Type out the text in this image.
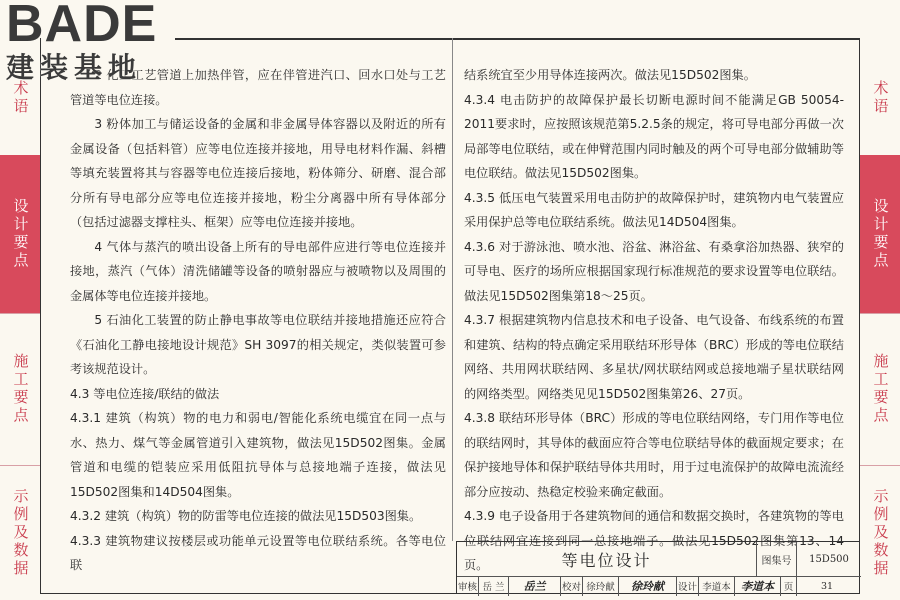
术语
设计要点
施工要点
示例及数据
术语
设计要点
施工要点
示例及数据

2 化工工艺管道上加热伴管，应在伴管进汽口、回水口处与工艺管道等电位连接。

3 粉体加工与储运设备的金属和非金属导体容器以及附近的所有金属设备（包括料管）应等电位连接并接地，用导电材料作漏、斜槽等填充装置将其与容器等电位连接后接地，粉体筛分、研磨、混合部分所有导电部分应等电位连接并接地，粉尘分离器中所有导体部分（包括过滤器支撑柱头、框架）应等电位连接并接地。

4 气体与蒸汽的喷出设备上所有的导电部件应进行等电位连接并接地，蒸汽（气体）清洗储罐等设备的喷射器应与被喷物以及周围的金属体等电位连接并接地。

5 石油化工装置的防止静电事故等电位联结并接地措施还应符合《石油化工静电接地设计规范》SH 3097的相关规定，类似装置可参考该规范设计。

4.3 等电位连接/联结的做法

4.3.1 建筑（构筑）物的电力和弱电/智能化系统电缆宜在同一点与水、热力、煤气等金属管道引入建筑物，做法见15D502图集。金属管道和电缆的铠装应采用低阻抗导体与总接地端子连接，做法见15D502图集和14D504图集。

4.3.2 建筑（构筑）物的防雷等电位连接的做法见15D503图集。

4.3.3 建筑物建议按楼层或功能单元设置等电位联结系统。各等电位联

结系统宜至少用导体连接两次。做法见15D502图集。

4.3.4 电击防护的故障保护最长切断电源时间不能满足GB 50054-2011要求时，应按照该规范第5.2.5条的规定，将可导电部分再做一次局部等电位联结，或在伸臂范围内同时触及的两个可导电部分做辅助等电位联结。做法见15D502图集。

4.3.5 低压电气装置采用电击防护的故障保护时，建筑物内电气装置应采用保护总等电位联结系统。做法见14D504图集。

4.3.6 对于游泳池、喷水池、浴盆、淋浴盆、有桑拿浴加热器、狭窄的可导电、医疗的场所应根据国家现行标准规范的要求设置等电位联结。做法见15D502图集第18～25页。

4.3.7 根据建筑物内信息技术和电子设备、电气设备、布线系统的布置和建筑、结构的特点确定采用联结环形导体（BRC）形成的等电位联结网络、共用网状联结网、多星状/网状联结网或总接地端子星状联结网的网络类型。网络类见见15D502图集第26、27页。

4.3.8 联结环形导体（BRC）形成的等电位联结网络，专门用作等电位的联结网时，其导体的截面应符合等电位联结导体的截面规定要求；在保护接地导体和保护联结导体共用时，用于过电流保护的故障电流流经部分应按动、热稳定校验来确定截面。

4.3.9 电子设备用于各建筑物间的通信和数据交换时，各建筑物的等电位联结网宜连接到同一总接地端子。做法见15D502图集第13、14页。

BADE
建装基地
等电位设计	图集号	15D500
审核 岳 兰	岳兰	校对 徐玲献	徐玲献	设计 李道本 李道本	页	31
